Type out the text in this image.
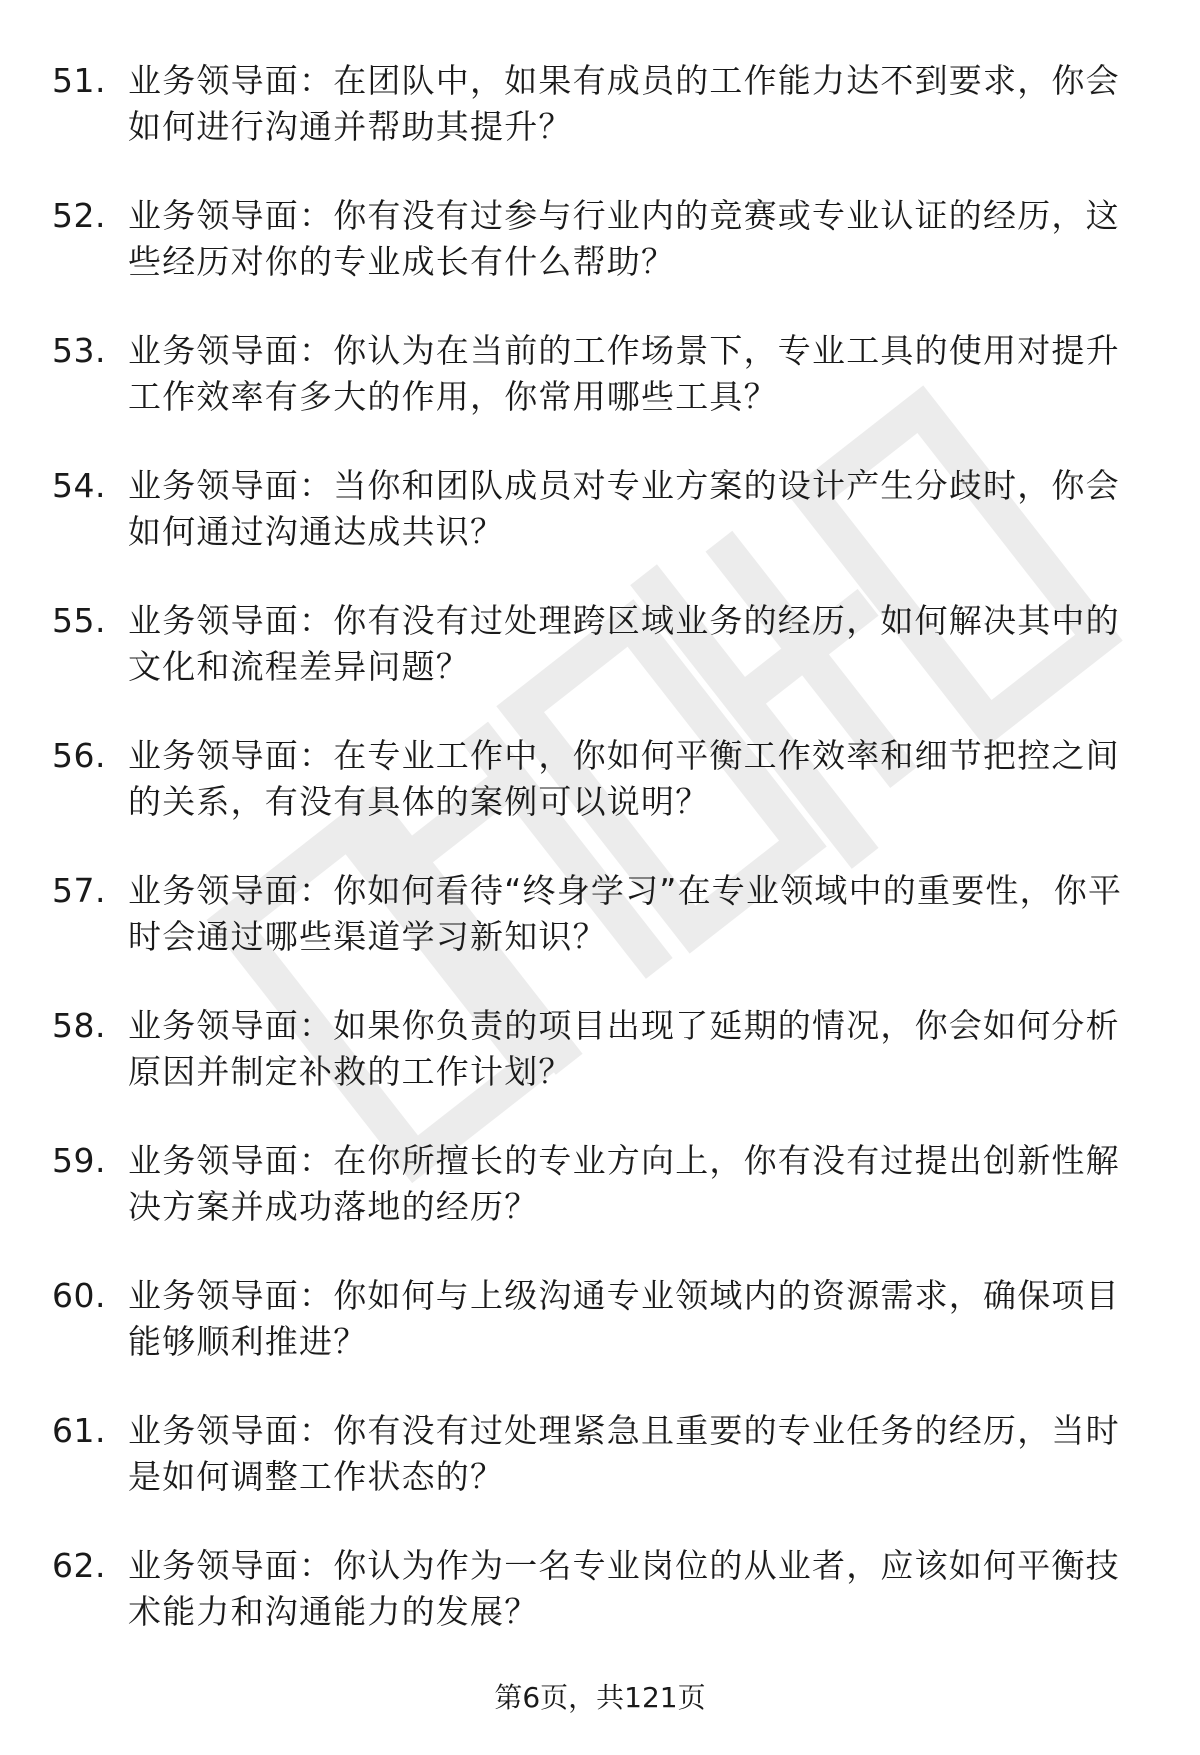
51. 业务领导面：在团队中，如果有成员的工作能力达不到要求，你会如何进行沟通并帮助其提升？
52. 业务领导面：你有没有过参与行业内的竞赛或专业认证的经历，这些经历对你的专业成长有什么帮助？
53. 业务领导面：你认为在当前的工作场景下，专业工具的使用对提升工作效率有多大的作用，你常用哪些工具？
54. 业务领导面：当你和团队成员对专业方案的设计产生分歧时，你会如何通过沟通达成共识？
55. 业务领导面：你有没有过处理跨区域业务的经历，如何解决其中的文化和流程差异问题？
56. 业务领导面：在专业工作中，你如何平衡工作效率和细节把控之间的关系，有没有具体的案例可以说明？
57. 业务领导面：你如何看待“终身学习”在专业领域中的重要性，你平时会通过哪些渠道学习新知识？
58. 业务领导面：如果你负责的项目出现了延期的情况，你会如何分析原因并制定补救的工作计划？
59. 业务领导面：在你所擅长的专业方向上，你有没有过提出创新性解决方案并成功落地的经历？
60. 业务领导面：你如何与上级沟通专业领域内的资源需求，确保项目能够顺利推进？
61. 业务领导面：你有没有过处理紧急且重要的专业任务的经历，当时是如何调整工作状态的？
62. 业务领导面：你认为作为一名专业岗位的从业者，应该如何平衡技术能力和沟通能力的发展？
第6页，共121页
